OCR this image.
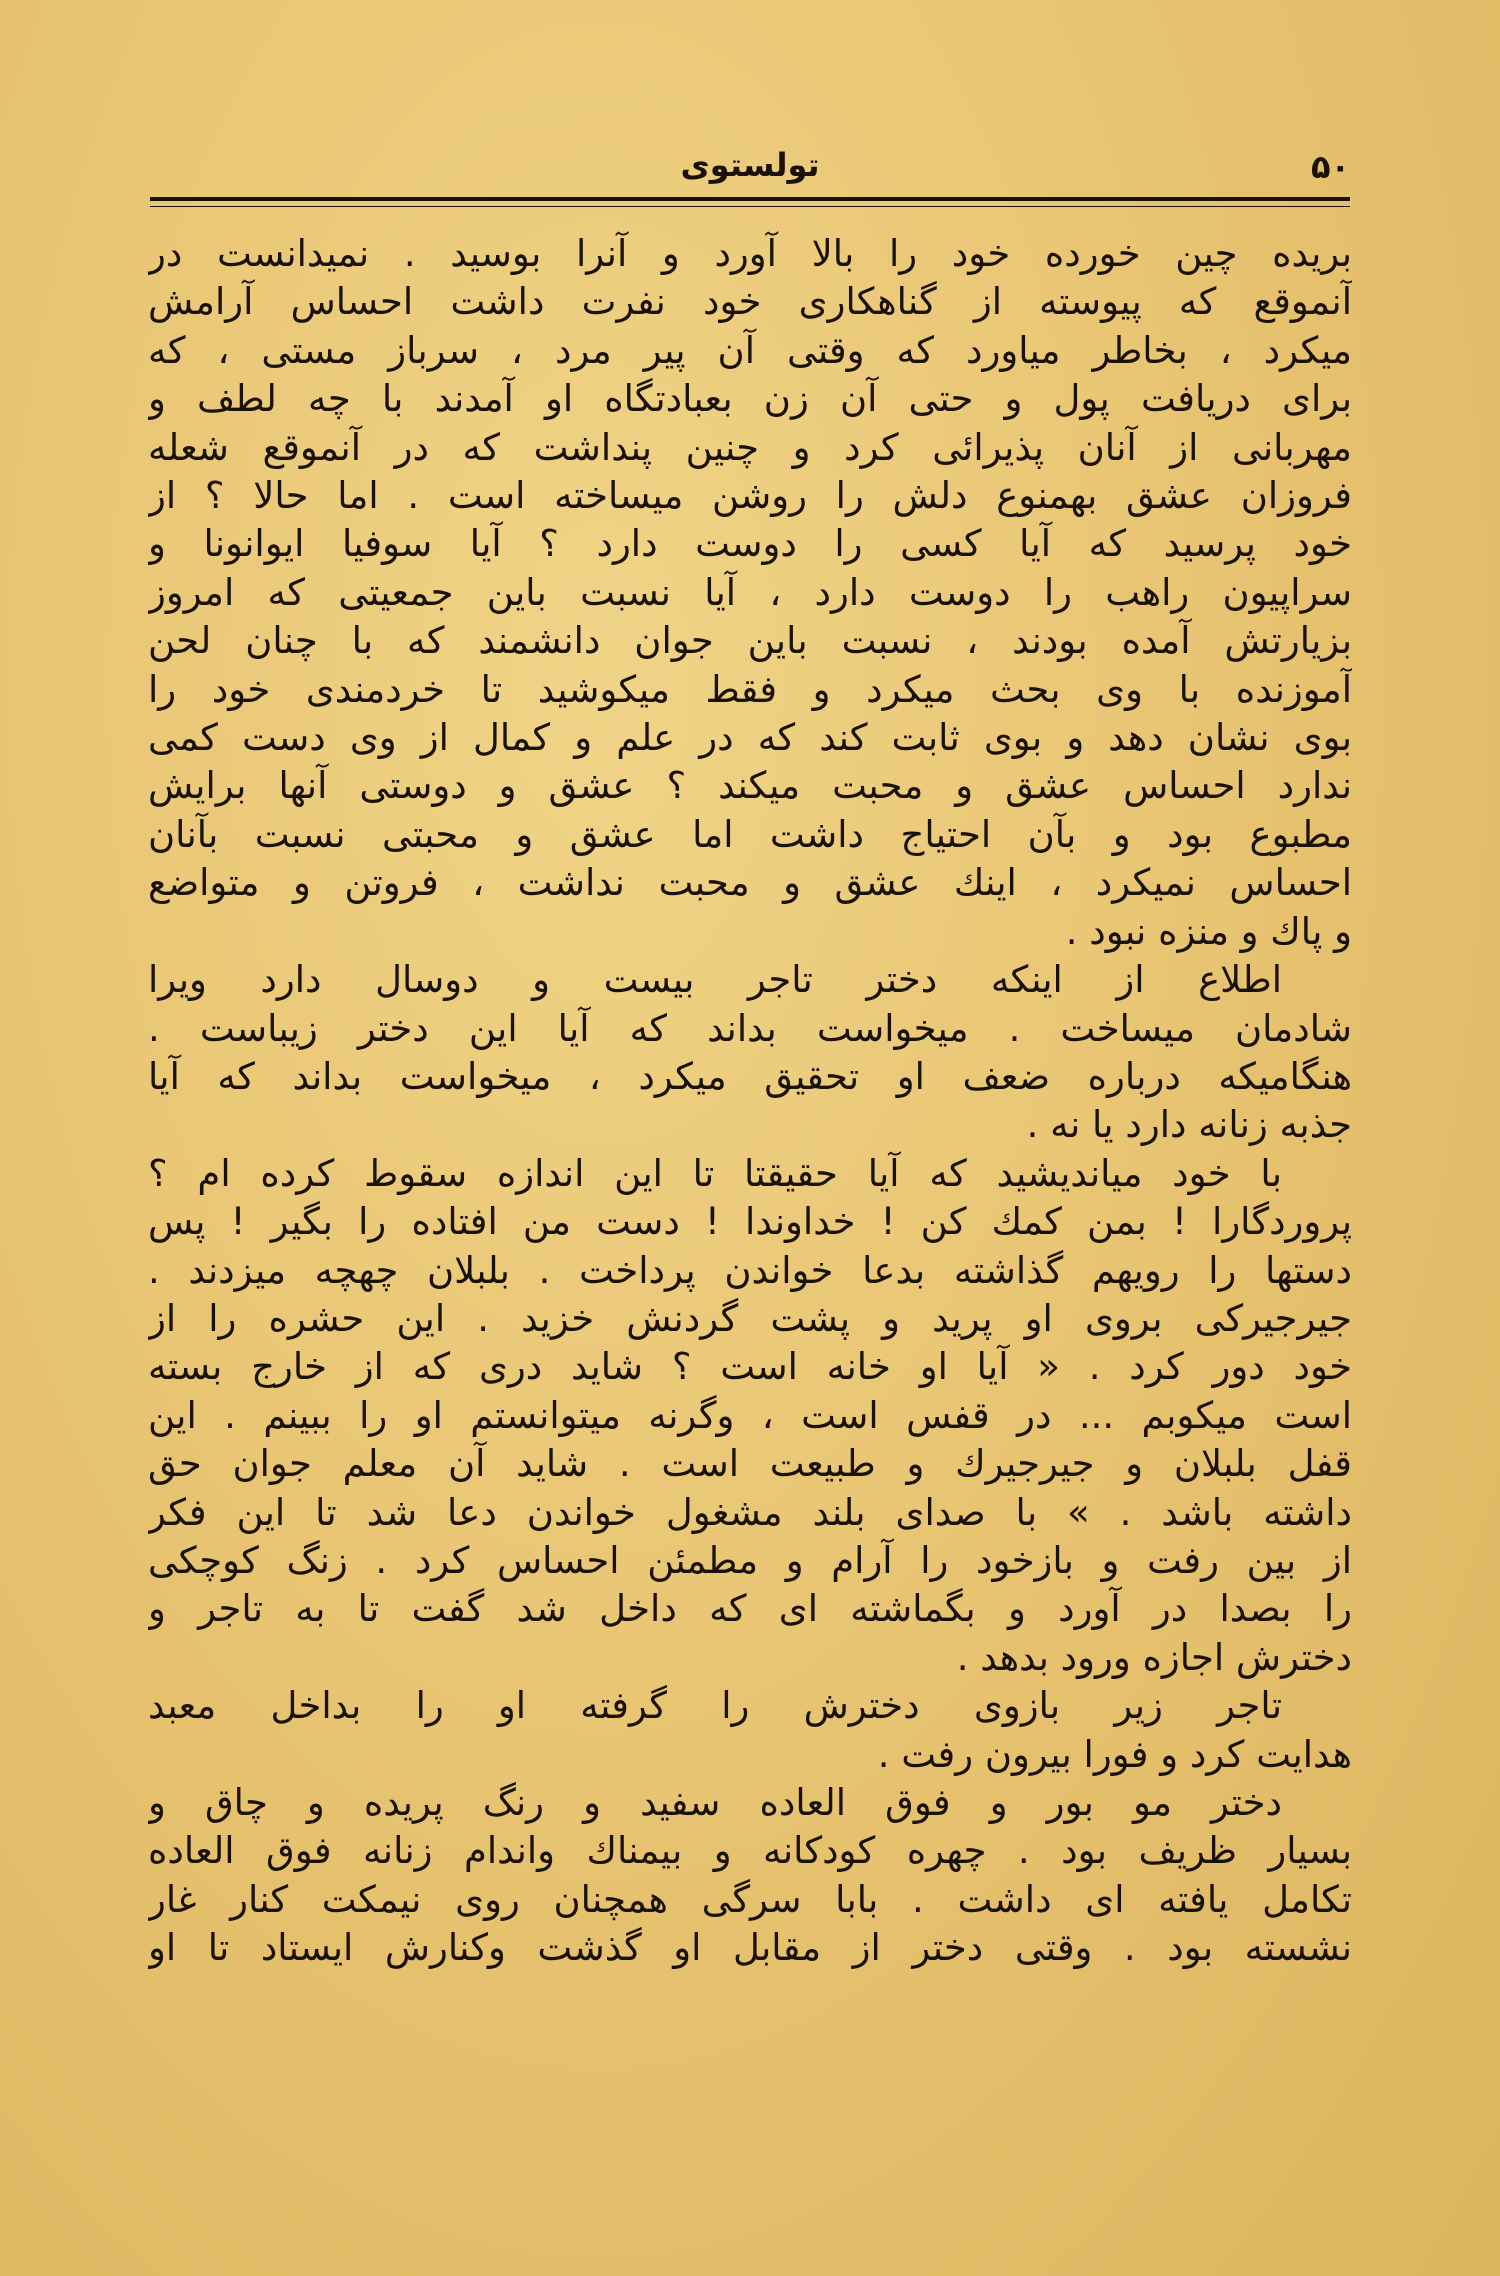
۵۰
تولستوی
بریده چین خورده خود را بالا آورد و آنرا بوسید . نمیدانست در
آنموقع که پیوسته از گناهکاری خود نفرت داشت احساس آرامش
میکرد ، بخاطر میاورد که وقتی آن پیر مرد ، سرباز مستی ، که
برای دریافت پول و حتی آن زن بعبادتگاه او آمدند با چه لطف و
مهربانی از آنان پذیرائی کرد و چنین پنداشت که در آنموقع شعله
فروزان عشق بهمنوع دلش را روشن میساخته است . اما حالا ؟ از
خود پرسید که آیا کسی را دوست دارد ؟ آیا سوفیا ایوانونا و
سراپیون راهب را دوست دارد ، آیا نسبت باین جمعیتی که امروز
بزیارتش آمده بودند ، نسبت باین جوان دانشمند که با چنان لحن
آموزنده با وی بحث میکرد و فقط میکوشید تا خردمندی خود را
بوی نشان دهد و بوی ثابت کند که در علم و کمال از وی دست کمی
ندارد احساس عشق و محبت میکند ؟ عشق و دوستی آنها برایش
مطبوع بود و بآن احتیاج داشت اما عشق و محبتی نسبت بآنان
احساس نمیکرد ، اینك عشق و محبت نداشت ، فروتن و متواضع
و پاك و منزه نبود .
اطلاع از اینکه دختر تاجر بیست و دوسال دارد ویرا
شادمان میساخت . میخواست بداند که آیا این دختر زیباست .
هنگامیکه درباره ضعف او تحقیق میکرد ، میخواست بداند که آیا
جذبه زنانه دارد یا نه .
با خود میاندیشید که آیا حقیقتا تا این اندازه سقوط کرده ام ؟
پروردگارا ! بمن کمك کن ! خداوندا ! دست من افتاده را بگیر ! پس
دستها را رویهم گذاشته بدعا خواندن پرداخت . بلبلان چهچه میزدند .
جیرجیرکی بروی او پرید و پشت گردنش خزید . این حشره را از
خود دور کرد . « آیا او خانه است ؟ شاید دری که از خارج بسته
است میکوبم ... در قفس است ، وگرنه میتوانستم او را ببینم . این
قفل بلبلان و جیرجیرك و طبیعت است . شاید آن معلم جوان حق
داشته باشد . » با صدای بلند مشغول خواندن دعا شد تا این فکر
از بین رفت و بازخود را آرام و مطمئن احساس کرد . زنگ کوچکی
را بصدا در آورد و بگماشته ای که داخل شد گفت تا به تاجر و
دخترش اجازه ورود بدهد .
تاجر زیر بازوی دخترش را گرفته او را بداخل معبد
هدایت کرد و فورا بیرون رفت .
دختر مو بور و فوق العاده سفید و رنگ پریده و چاق و
بسیار ظریف بود . چهره کودکانه و بیمناك واندام زنانه فوق العاده
تکامل یافته ای داشت . بابا سرگی همچنان روی نیمکت کنار غار
نشسته بود . وقتی دختر از مقابل او گذشت وکنارش ایستاد تا او
